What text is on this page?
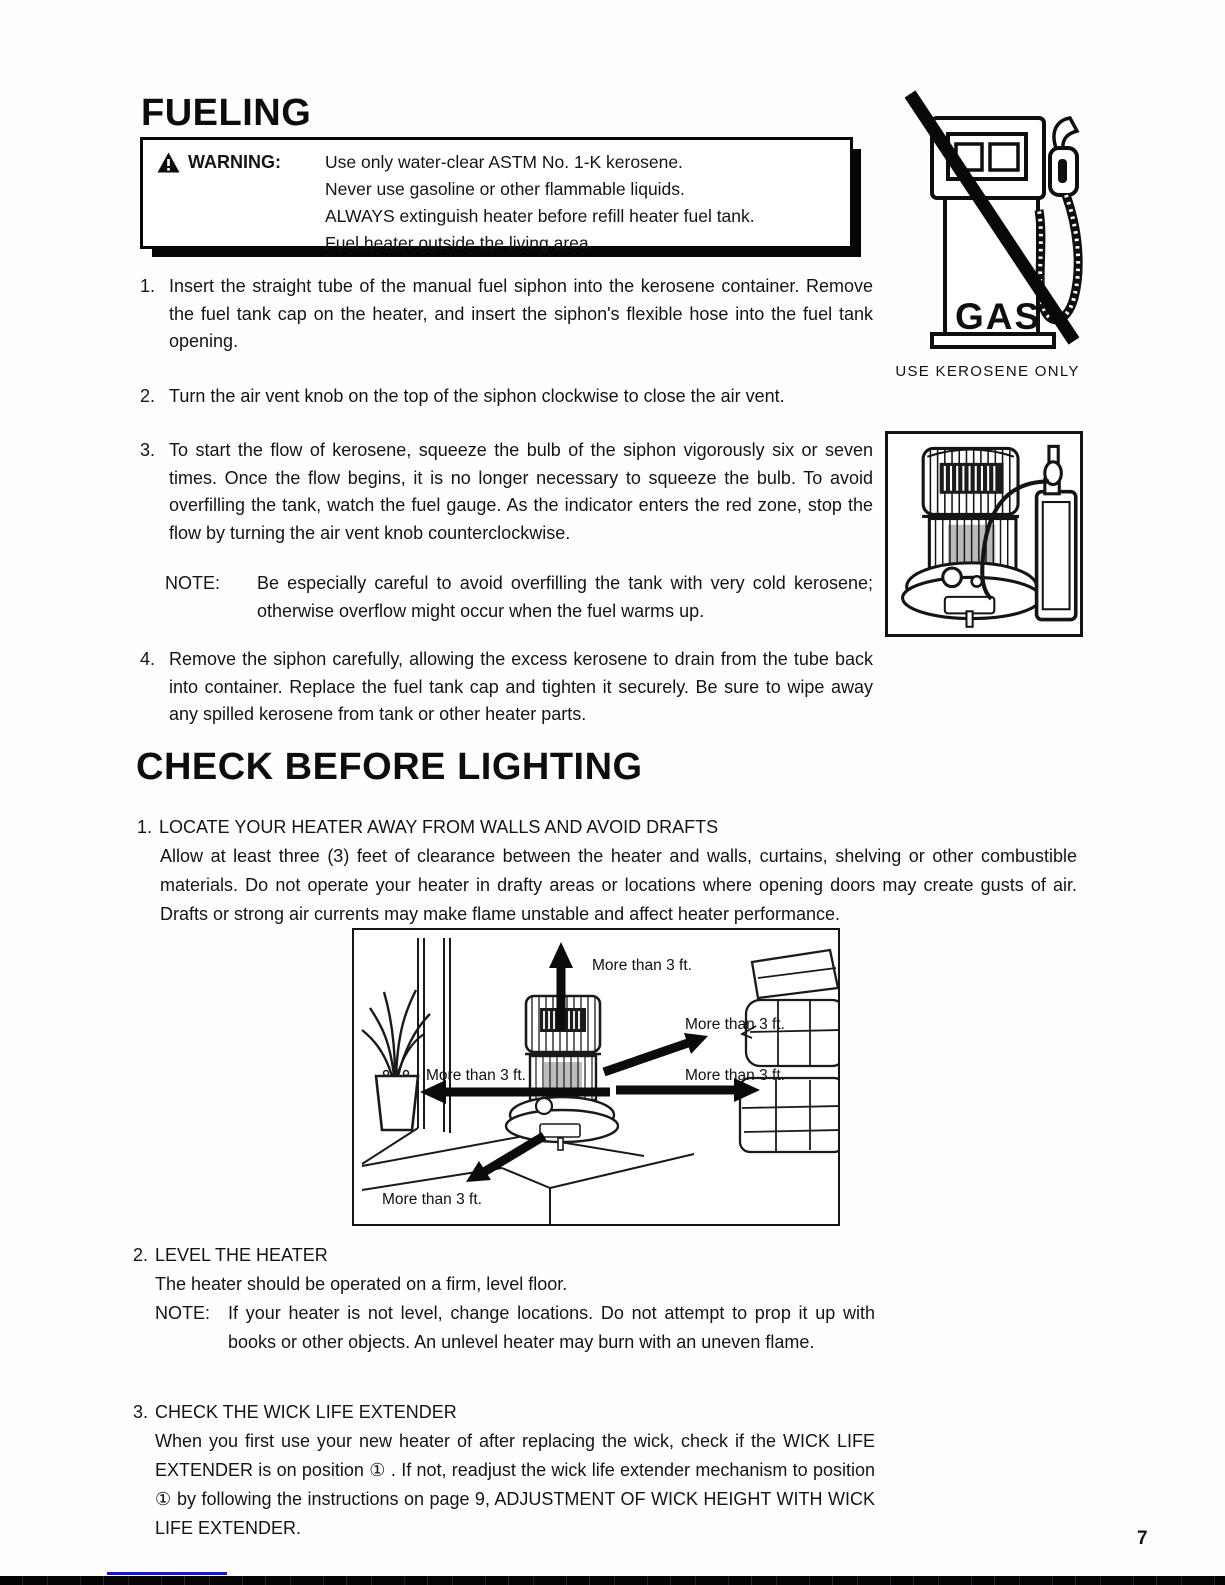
FUELING
WARNING:	Use only water-clear ASTM No. 1-K kerosene.
Never use gasoline or other flammable liquids.
ALWAYS extinguish heater before refill heater fuel tank.
Fuel heater outside the living area.
GAS
USE KEROSENE ONLY
1. Insert the straight tube of the manual fuel siphon into the kerosene container. Remove the fuel tank cap on the heater, and insert the siphon's flexible hose into the fuel tank opening.
2. Turn the air vent knob on the top of the siphon clockwise to close the air vent.
3. To start the flow of kerosene, squeeze the bulb of the siphon vigorously six or seven times. Once the flow begins, it is no longer necessary to squeeze the bulb. To avoid overfilling the tank, watch the fuel gauge. As the indicator enters the red zone, stop the flow by turning the air vent knob counterclockwise.
NOTE: Be especially careful to avoid overfilling the tank with very cold kerosene; otherwise overflow might occur when the fuel warms up.
4. Remove the siphon carefully, allowing the excess kerosene to drain from the tube back into container. Replace the fuel tank cap and tighten it securely. Be sure to wipe away any spilled kerosene from tank or other heater parts.
CHECK BEFORE LIGHTING
1. LOCATE YOUR HEATER AWAY FROM WALLS AND AVOID DRAFTS
Allow at least three (3) feet of clearance between the heater and walls, curtains, shelving or other combustible materials. Do not operate your heater in drafty areas or locations where opening doors may create gusts of air. Drafts or strong air currents may make flame unstable and affect heater performance.
More than 3 ft.
More than 3 ft.
More than 3 ft.	More than 3 ft.
More than 3 ft.
2. LEVEL THE HEATER
The heater should be operated on a firm, level floor.
NOTE: If your heater is not level, change locations. Do not attempt to prop it up with books or other objects. An unlevel heater may burn with an uneven flame.
3. CHECK THE WICK LIFE EXTENDER
When you first use your new heater of after replacing the wick, check if the WICK LIFE EXTENDER is on position ① . If not, readjust the wick life extender mechanism to position ① by following the instructions on page 9, ADJUSTMENT OF WICK HEIGHT WITH WICK LIFE EXTENDER.	7
